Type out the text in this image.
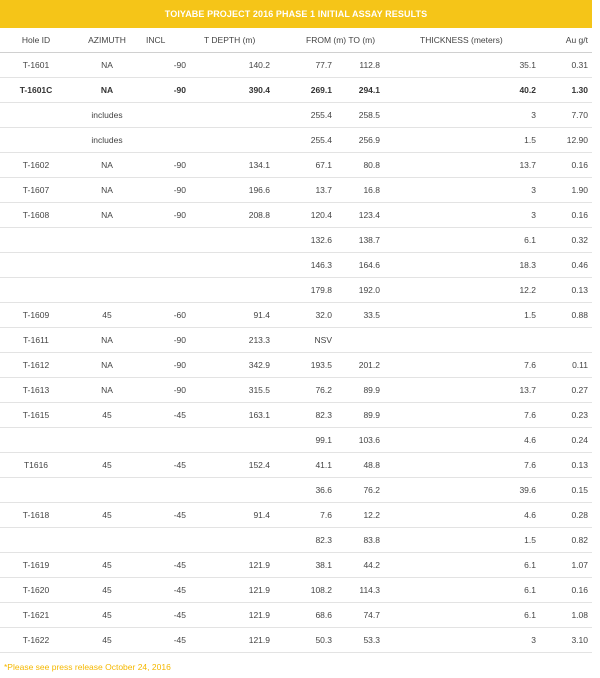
TOIYABE PROJECT 2016 PHASE 1 INITIAL ASSAY RESULTS
Hole ID	AZIMUTH	INCL	T DEPTH (m)	FROM (m) TO (m)		THICKNESS (meters)	Au g/t
T-1601	NA	-90	140.2	77.7	112.8	35.1	0.31
T-1601C	NA	-90	390.4	269.1	294.1	40.2	1.30
	includes			255.4	258.5	3	7.70
	includes			255.4	256.9	1.5	12.90
T-1602	NA	-90	134.1	67.1	80.8	13.7	0.16
T-1607	NA	-90	196.6	13.7	16.8	3	1.90
T-1608	NA	-90	208.8	120.4	123.4	3	0.16
				132.6	138.7	6.1	0.32
				146.3	164.6	18.3	0.46
				179.8	192.0	12.2	0.13
T-1609	45	-60	91.4	32.0	33.5	1.5	0.88
T-1611	NA	-90	213.3	NSV			
T-1612	NA	-90	342.9	193.5	201.2	7.6	0.11
T-1613	NA	-90	315.5	76.2	89.9	13.7	0.27
T-1615	45	-45	163.1	82.3	89.9	7.6	0.23
				99.1	103.6	4.6	0.24
T1616	45	-45	152.4	41.1	48.8	7.6	0.13
				36.6	76.2	39.6	0.15
T-1618	45	-45	91.4	7.6	12.2	4.6	0.28
				82.3	83.8	1.5	0.82
T-1619	45	-45	121.9	38.1	44.2	6.1	1.07
T-1620	45	-45	121.9	108.2	114.3	6.1	0.16
T-1621	45	-45	121.9	68.6	74.7	6.1	1.08
T-1622	45	-45	121.9	50.3	53.3	3	3.10
*Please see press release October 24, 2016
